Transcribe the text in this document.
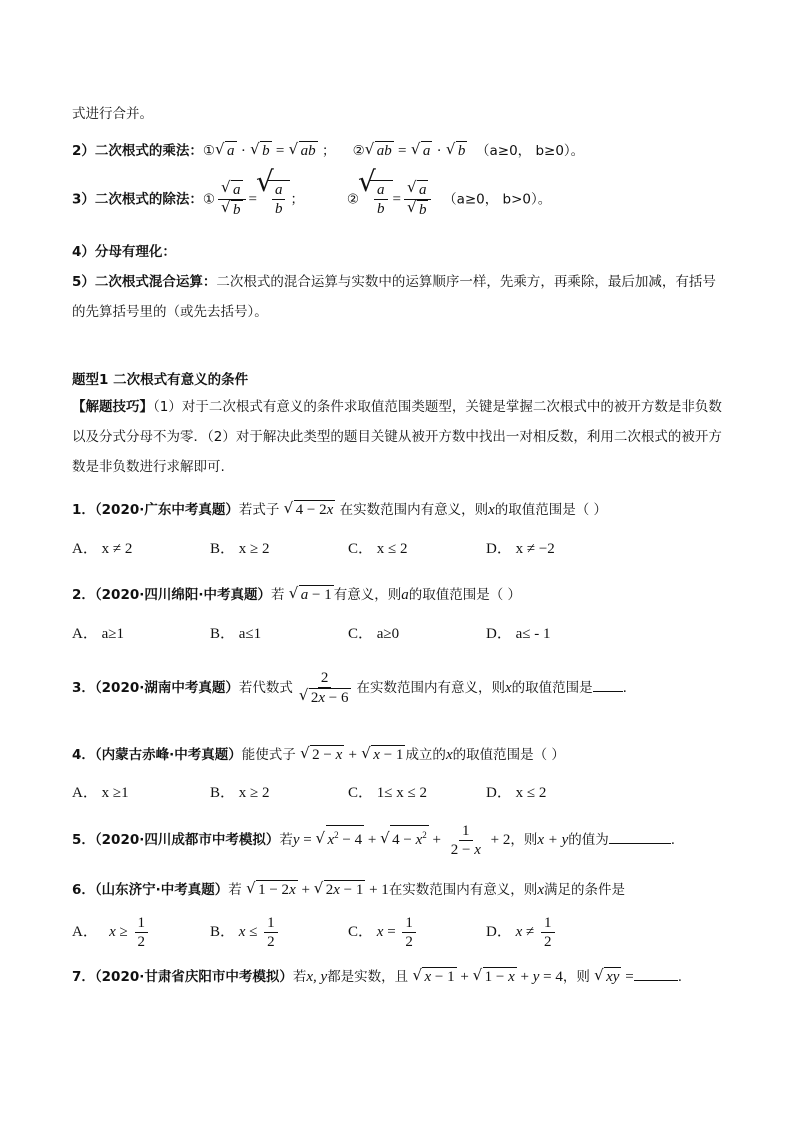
式进行合并。
2）二次根式的乘法：① √ a · √ b = √ ab ；    ② √ ab = √ a · √ b （a≥0， b≥0）。
3）二次根式的除法：① √ a
√ b = √ $\frac{a}{b}$ ；          ② √ $\frac{a}{b}$ = √ a
√ b （a≥0， b>0）。
4）分母有理化：
5）二次根式混合运算：二次根式的混合运算与实数中的运算顺序一样，先乘方，再乘除，最后加减，有括号的先算括号里的（或先去括号）。
题型1 二次根式有意义的条件
【解题技巧】（1）对于二次根式有意义的条件求取值范围类题型，关键是掌握二次根式中的被开方数是非负数以及分式分母不为零．（2）对于解决此类型的题目关键从被开方数中找出一对相反数，利用二次根式的被开方数是非负数进行求解即可.
1．（2020·广东中考真题）若式子 √ 4 − 2x 在实数范围内有意义，则x的取值范围是（ ）
A． x ≠ 2	B． x ≥ 2	C． x ≤ 2	D． x ≠ −2
2．（2020·四川绵阳·中考真题）若 √ a − 1 有意义，则a的取值范围是（ ）
A． a≥1	B． a≤1	C． a≥0	D． a≤ - 1
3．（2020·湖南中考真题）若代数式 2
√ 2x − 6 在实数范围内有意义，则x的取值范围是 .
4．（内蒙古赤峰·中考真题）能使式子 √ 2 − x + √ x − 1 成立的x的取值范围是（ ）
A． x ≥1	B． x ≥ 2	C． 1≤ x ≤ 2	D． x ≤ 2
5．（2020·四川成都市中考模拟）若y = √ $x^2 - 4$ + √ $4 - x^2 + \frac{1}{2 - x} + 2$，则x + y的值为	.
6．（山东济宁·中考真题）若 √ 1 − 2x + √ 2x − 1 + 1在实数范围内有意义，则x满足的条件是
A． $x \ge \frac{1}{2}$	B． $x \le \frac{1}{2}$	C． $x = \frac{1}{2}$	D． $x \ne \frac{1}{2}$
7．（2020·甘肃省庆阳市中考模拟）若x, y都是实数，且 √ x − 1 + √ 1 − x + y = 4，则 √ xy =	.
